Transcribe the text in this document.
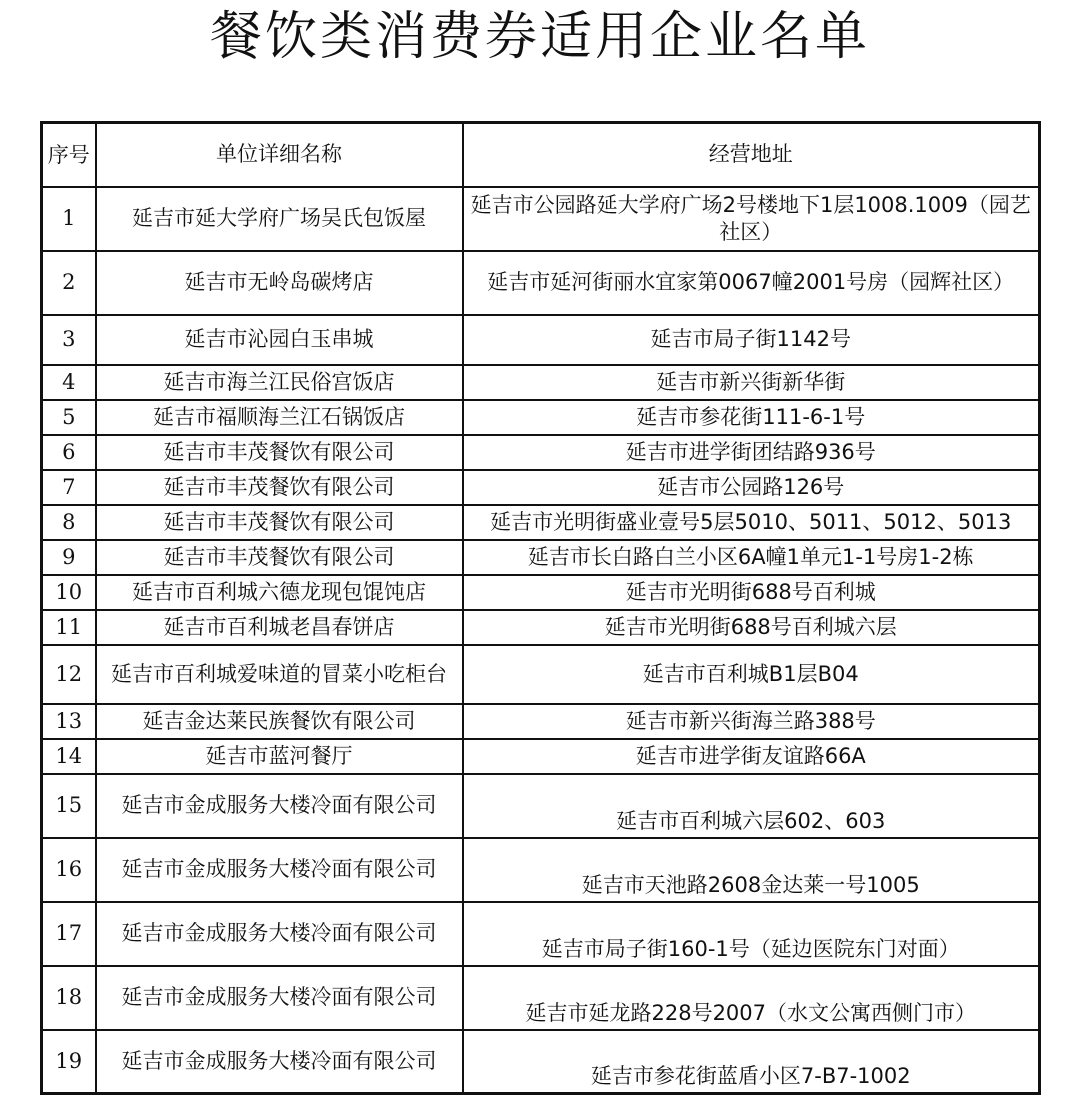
餐饮类消费券适用企业名单
序号	单位详细名称	经营地址
1	延吉市延大学府广场吴氏包饭屋	延吉市公园路延大学府广场2号楼地下1层1008.1009（园艺社区）
2	延吉市无岭岛碳烤店	延吉市延河街丽水宜家第0067幢2001号房（园辉社区）
3	延吉市沁园白玉串城	延吉市局子街1142号
4	延吉市海兰江民俗宫饭店	延吉市新兴街新华街
5	延吉市福顺海兰江石锅饭店	延吉市参花街111-6-1号
6	延吉市丰茂餐饮有限公司	延吉市进学街团结路936号
7	延吉市丰茂餐饮有限公司	延吉市公园路126号
8	延吉市丰茂餐饮有限公司	延吉市光明街盛业壹号5层5010、5011、5012、5013
9	延吉市丰茂餐饮有限公司	延吉市长白路白兰小区6A幢1单元1-1号房1-2栋
10	延吉市百利城六德龙现包馄饨店	延吉市光明街688号百利城
11	延吉市百利城老昌春饼店	延吉市光明街688号百利城六层
12	延吉市百利城爱味道的冒菜小吃柜台	延吉市百利城B1层B04
13	延吉金达莱民族餐饮有限公司	延吉市新兴街海兰路388号
14	延吉市蓝河餐厅	延吉市进学街友谊路66A
15	延吉市金成服务大楼冷面有限公司	延吉市百利城六层602、603
16	延吉市金成服务大楼冷面有限公司	延吉市天池路2608金达莱一号1005
17	延吉市金成服务大楼冷面有限公司	延吉市局子街160-1号（延边医院东门对面）
18	延吉市金成服务大楼冷面有限公司	延吉市延龙路228号2007（水文公寓西侧门市）
19	延吉市金成服务大楼冷面有限公司	延吉市参花街蓝盾小区7-B7-1002
